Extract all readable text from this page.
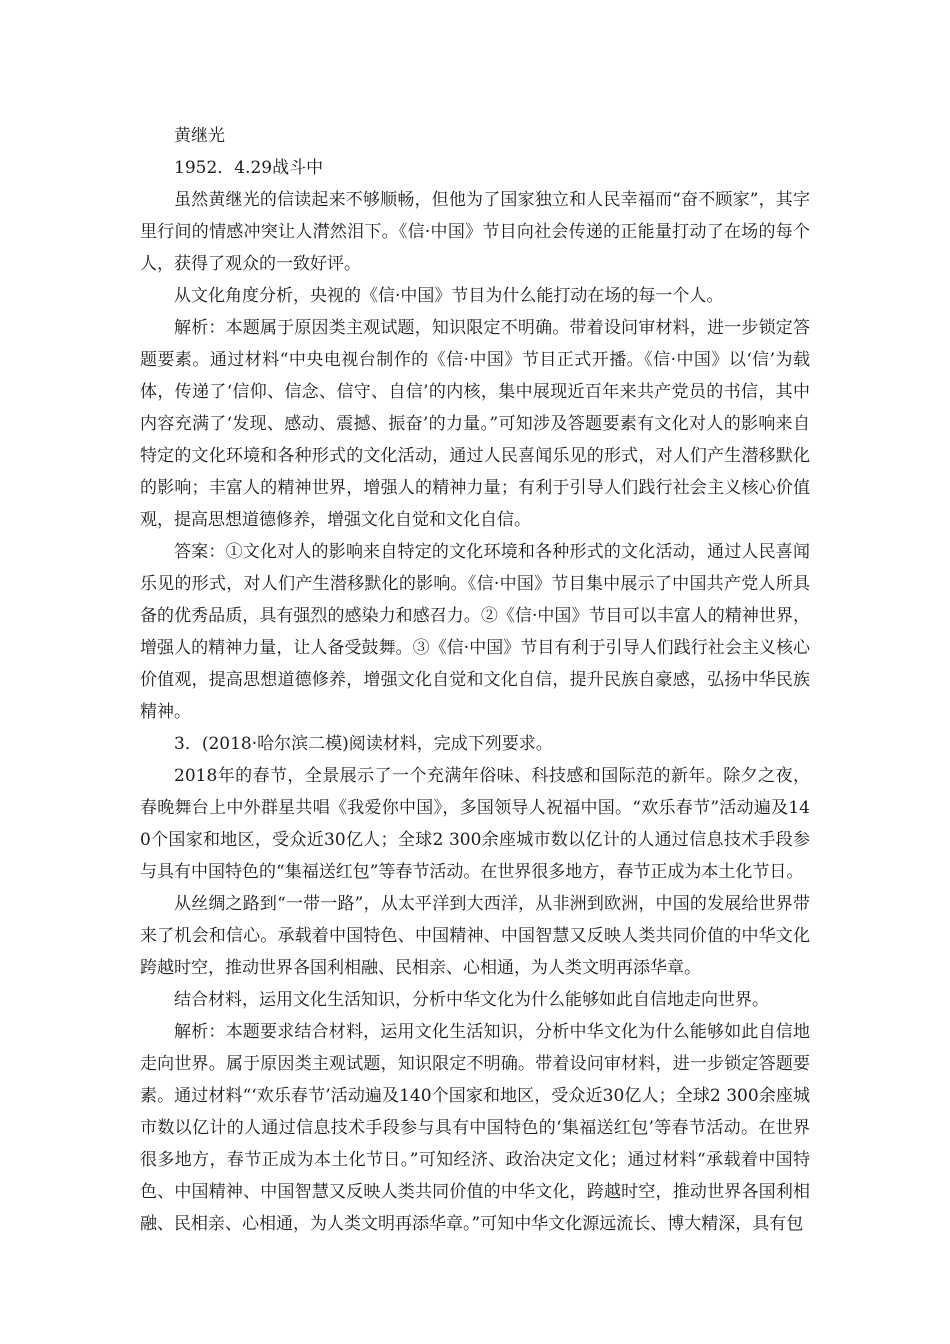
黄继光

1952．4.29战斗中

虽然黄继光的信读起来不够顺畅，但他为了国家独立和人民幸福而“奋不顾家”，其字里行间的情感冲突让人潸然泪下。《信·中国》节目向社会传递的正能量打动了在场的每个人，获得了观众的一致好评。

从文化角度分析，央视的《信·中国》节目为什么能打动在场的每一个人。

解析：本题属于原因类主观试题，知识限定不明确。带着设问审材料，进一步锁定答题要素。通过材料“中央电视台制作的《信·中国》节目正式开播。《信·中国》以‘信’为载体，传递了‘信仰、信念、信守、自信’的内核，集中展现近百年来共产党员的书信，其中内容充满了‘发现、感动、震撼、振奋’的力量。”可知涉及答题要素有文化对人的影响来自特定的文化环境和各种形式的文化活动，通过人民喜闻乐见的形式，对人们产生潜移默化的影响；丰富人的精神世界，增强人的精神力量；有利于引导人们践行社会主义核心价值观，提高思想道德修养，增强文化自觉和文化自信。

答案：①文化对人的影响来自特定的文化环境和各种形式的文化活动，通过人民喜闻乐见的形式，对人们产生潜移默化的影响。《信·中国》节目集中展示了中国共产党人所具备的优秀品质，具有强烈的感染力和感召力。②《信·中国》节目可以丰富人的精神世界，增强人的精神力量，让人备受鼓舞。③《信·中国》节目有利于引导人们践行社会主义核心价值观，提高思想道德修养，增强文化自觉和文化自信，提升民族自豪感，弘扬中华民族精神。

3．(2018·哈尔滨二模)阅读材料，完成下列要求。

2018年的春节，全景展示了一个充满年俗味、科技感和国际范的新年。除夕之夜，春晚舞台上中外群星共唱《我爱你中国》，多国领导人祝福中国。“欢乐春节”活动遍及140个国家和地区，受众近30亿人；全球2 300余座城市数以亿计的人通过信息技术手段参与具有中国特色的“集福送红包”等春节活动。在世界很多地方，春节正成为本土化节日。

从丝绸之路到“一带一路”，从太平洋到大西洋，从非洲到欧洲，中国的发展给世界带来了机会和信心。承载着中国特色、中国精神、中国智慧又反映人类共同价值的中华文化跨越时空，推动世界各国利相融、民相亲、心相通，为人类文明再添华章。

结合材料，运用文化生活知识，分析中华文化为什么能够如此自信地走向世界。

解析：本题要求结合材料，运用文化生活知识，分析中华文化为什么能够如此自信地走向世界。属于原因类主观试题，知识限定不明确。带着设问审材料，进一步锁定答题要素。通过材料“‘欢乐春节’活动遍及140个国家和地区，受众近30亿人；全球2 300余座城市数以亿计的人通过信息技术手段参与具有中国特色的‘集福送红包’等春节活动。在世界很多地方，春节正成为本土化节日。”可知经济、政治决定文化；通过材料“承载着中国特色、中国精神、中国智慧又反映人类共同价值的中华文化，跨越时空，推动世界各国利相融、民相亲、心相通，为人类文明再添华章。”可知中华文化源远流长、博大精深，具有包
